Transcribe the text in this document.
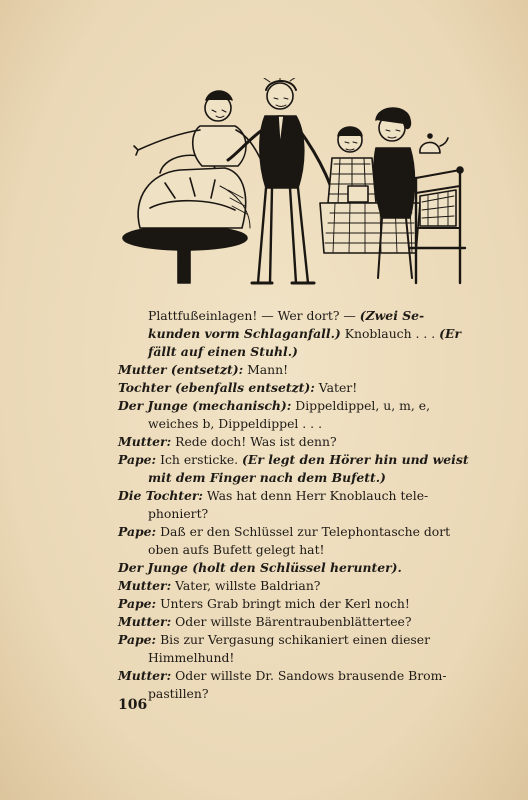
Plattfußeinlagen! — Wer dort? — (Zwei Se-
kunden vorm Schlaganfall.) Knoblauch . . . (Er
fällt auf einen Stuhl.)
Mutter (entsetzt): Mann!
Tochter (ebenfalls entsetzt): Vater!
Der Junge (mechanisch): Dippeldippel, u, m, e,
weiches b, Dippeldippel . . .
Mutter: Rede doch! Was ist denn?
Pape: Ich ersticke. (Er legt den Hörer hin und weist
mit dem Finger nach dem Bufett.)
Die Tochter: Was hat denn Herr Knoblauch tele-
phoniert?
Pape: Daß er den Schlüssel zur Telephontasche dort
oben aufs Bufett gelegt hat!
Der Junge (holt den Schlüssel herunter).
Mutter: Vater, willste Baldrian?
Pape: Unters Grab bringt mich der Kerl noch!
Mutter: Oder willste Bärentraubenblättertee?
Pape: Bis zur Vergasung schikaniert einen dieser
Himmelhund!
Mutter: Oder willste Dr. Sandows brausende Brom-
pastillen?
106
